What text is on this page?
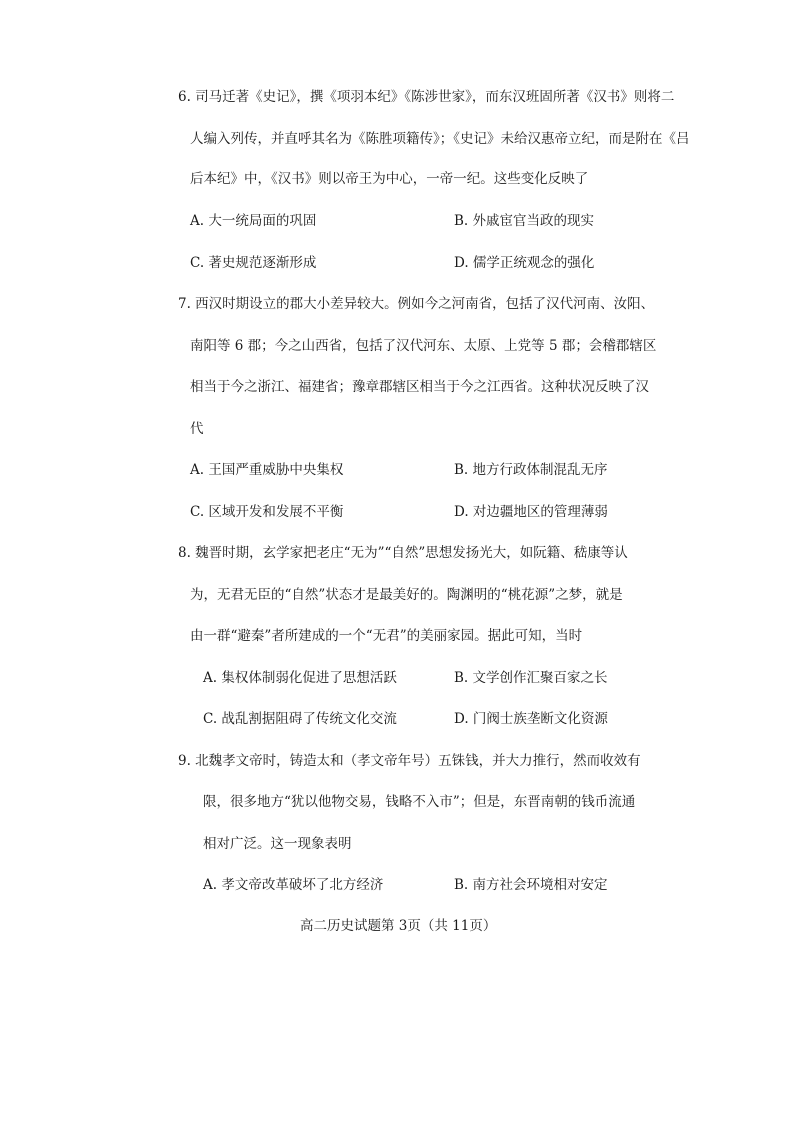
6. 司马迁著《史记》，撰《项羽本纪》《陈涉世家》，而东汉班固所著《汉书》则将二
人编入列传，并直呼其名为《陈胜项籍传》；《史记》未给汉惠帝立纪，而是附在《吕
后本纪》中，《汉书》则以帝王为中心，一帝一纪。这些变化反映了
A. 大一统局面的巩固	B. 外戚宦官当政的现实
C. 著史规范逐渐形成	D. 儒学正统观念的强化
7. 西汉时期设立的郡大小差异较大。例如今之河南省，包括了汉代河南、汝阳、
南阳等 6 郡；今之山西省，包括了汉代河东、太原、上党等 5 郡；会稽郡辖区
相当于今之浙江、福建省；豫章郡辖区相当于今之江西省。这种状况反映了汉
代
A. 王国严重威胁中央集权	B. 地方行政体制混乱无序
C. 区域开发和发展不平衡	D. 对边疆地区的管理薄弱
8. 魏晋时期，玄学家把老庄“无为”“自然”思想发扬光大，如阮籍、嵇康等认
为，无君无臣的“自然”状态才是最美好的。陶渊明的“桃花源”之梦，就是
由一群“避秦”者所建成的一个“无君”的美丽家园。据此可知，当时
A. 集权体制弱化促进了思想活跃	B. 文学创作汇聚百家之长
C. 战乱割据阻碍了传统文化交流	D. 门阀士族垄断文化资源
9. 北魏孝文帝时，铸造太和（孝文帝年号）五铢钱，并大力推行，然而收效有
限，很多地方“犹以他物交易，钱略不入市”；但是，东晋南朝的钱币流通
相对广泛。这一现象表明
A. 孝文帝改革破坏了北方经济	B. 南方社会环境相对安定
高二历史试题第 3页（共 11页）
